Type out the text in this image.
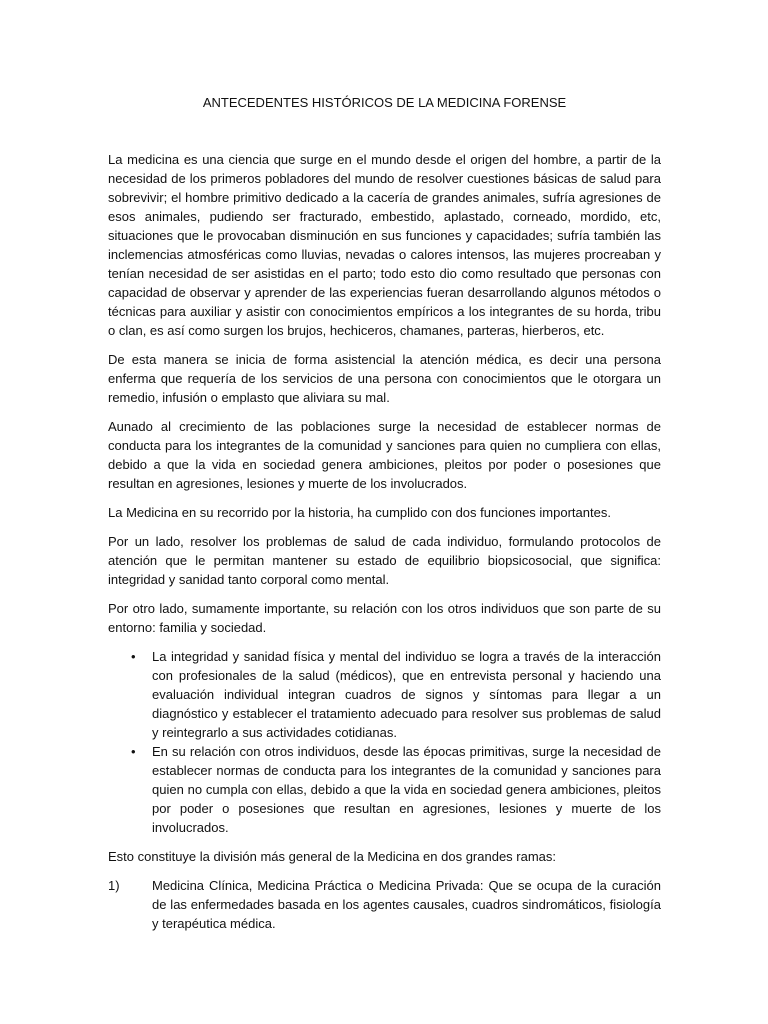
ANTECEDENTES HISTÓRICOS DE LA MEDICINA FORENSE

La medicina es una ciencia que surge en el mundo desde el origen del hombre, a partir de la necesidad de los primeros pobladores del mundo de resolver cuestiones básicas de salud para sobrevivir; el hombre primitivo dedicado a la cacería de grandes animales, sufría agresiones de esos animales, pudiendo ser fracturado, embestido, aplastado, corneado, mordido, etc, situaciones que le provocaban disminución en sus funciones y capacidades; sufría también las inclemencias atmosféricas como lluvias, nevadas o calores intensos, las mujeres procreaban y tenían necesidad de ser asistidas en el parto; todo esto dio como resultado que personas con capacidad de observar y aprender de las experiencias fueran desarrollando algunos métodos o técnicas para auxiliar y asistir con conocimientos empíricos a los integrantes de su horda, tribu o clan, es así como surgen los brujos, hechiceros, chamanes, parteras, hierberos, etc.

De esta manera se inicia de forma asistencial la atención médica, es decir una persona enferma que requería de los servicios de una persona con conocimientos que le otorgara un remedio, infusión o emplasto que aliviara su mal.

Aunado al crecimiento de las poblaciones surge la necesidad de establecer normas de conducta para los integrantes de la comunidad y sanciones para quien no cumpliera con ellas, debido a que la vida en sociedad genera ambiciones, pleitos por poder o posesiones que resultan en agresiones, lesiones y muerte de los involucrados.

La Medicina en su recorrido por la historia, ha cumplido con dos funciones importantes.

Por un lado, resolver los problemas de salud de cada individuo, formulando protocolos de atención que le permitan mantener su estado de equilibrio biopsicosocial, que significa: integridad y sanidad tanto corporal como mental.

Por otro lado, sumamente importante, su relación con los otros individuos que son parte de su entorno: familia y sociedad.

• La integridad y sanidad física y mental del individuo se logra a través de la interacción con profesionales de la salud (médicos), que en entrevista personal y haciendo una evaluación individual integran cuadros de signos y síntomas para llegar a un diagnóstico y establecer el tratamiento adecuado para resolver sus problemas de salud y reintegrarlo a sus actividades cotidianas.
• En su relación con otros individuos, desde las épocas primitivas, surge la necesidad de establecer normas de conducta para los integrantes de la comunidad y sanciones para quien no cumpla con ellas, debido a que la vida en sociedad genera ambiciones, pleitos por poder o posesiones que resultan en agresiones, lesiones y muerte de los involucrados.

Esto constituye la división más general de la Medicina en dos grandes ramas:

1) Medicina Clínica, Medicina Práctica o Medicina Privada: Que se ocupa de la curación de las enfermedades basada en los agentes causales, cuadros sindromáticos, fisiología y terapéutica médica.
